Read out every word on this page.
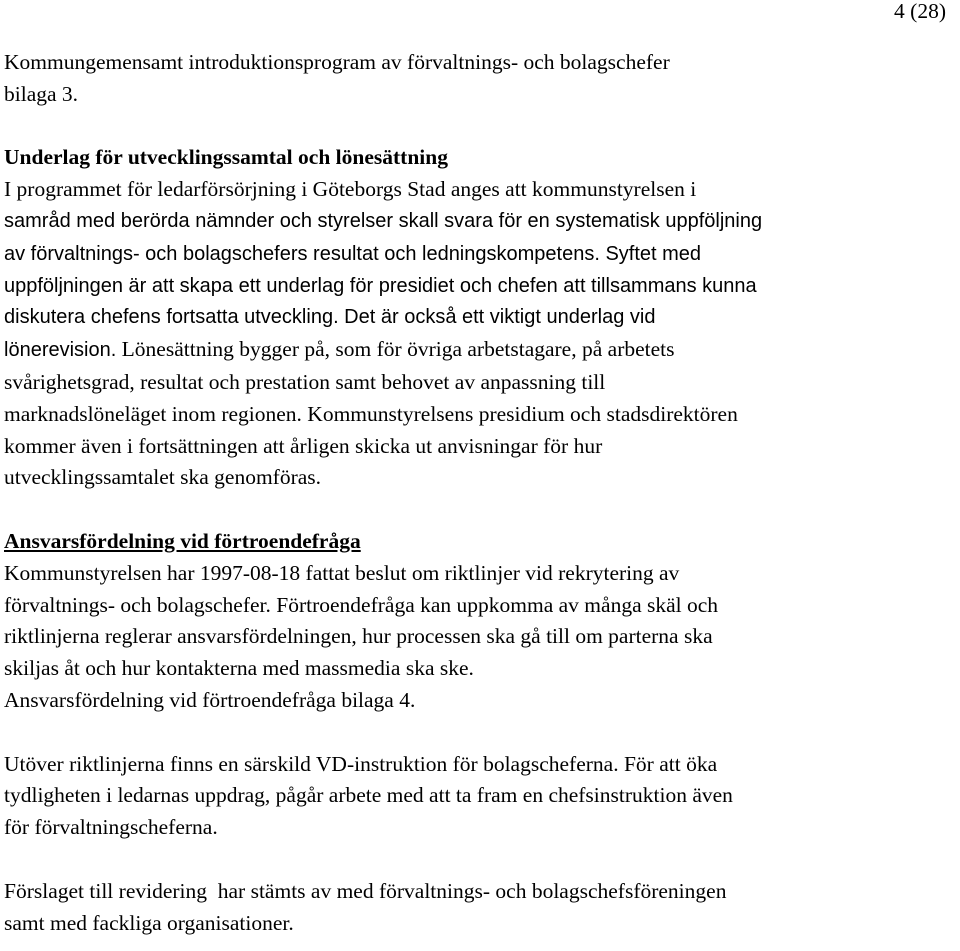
4 (28)

Kommungemensamt introduktionsprogram av förvaltnings- och bolagschefer

bilaga 3.

Underlag för utvecklingssamtal och lönesättning

I programmet för ledarförsörjning i Göteborgs Stad anges att kommunstyrelsen i

samråd med berörda nämnder och styrelser skall svara för en systematisk uppföljning

av förvaltnings- och bolagschefers resultat och ledningskompetens. Syftet med

uppföljningen är att skapa ett underlag för presidiet och chefen att tillsammans kunna

diskutera chefens fortsatta utveckling. Det är också ett viktigt underlag vid

lönerevision. Lönesättning bygger på, som för övriga arbetstagare, på arbetets

svårighetsgrad, resultat och prestation samt behovet av anpassning till

marknadslöneläget inom regionen. Kommunstyrelsens presidium och stadsdirektören

kommer även i fortsättningen att årligen skicka ut anvisningar för hur

utvecklingssamtalet ska genomföras.

Ansvarsfördelning vid förtroendefråga

Kommunstyrelsen har 1997-08-18 fattat beslut om riktlinjer vid rekrytering av

förvaltnings- och bolagschefer. Förtroendefråga kan uppkomma av många skäl och

riktlinjerna reglerar ansvarsfördelningen, hur processen ska gå till om parterna ska

skiljas åt och hur kontakterna med massmedia ska ske.

Ansvarsfördelning vid förtroendefråga bilaga 4.

Utöver riktlinjerna finns en särskild VD-instruktion för bolagscheferna. För att öka

tydligheten i ledarnas uppdrag, pågår arbete med att ta fram en chefsinstruktion även

för förvaltningscheferna.

Förslaget till revidering  har stämts av med förvaltnings- och bolagschefsföreningen

samt med fackliga organisationer.
